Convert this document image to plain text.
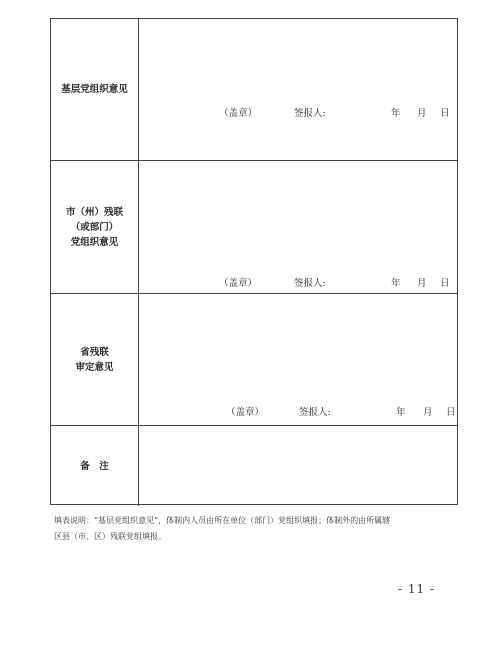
基层党组织意见
（盖章）	签报人:	年 月 日
市（州）残联
（或部门）
党组织意见
（盖章）	签报人:	年 月 日
省残联
审定意见
（盖章）	签报人:	年 月 日
备　注
填表说明：“基层党组织意见”，体制内人员由所在单位（部门）党组织填报；体制外的由所属辖
区县（市、区）残联党组填报。
- 11 -
